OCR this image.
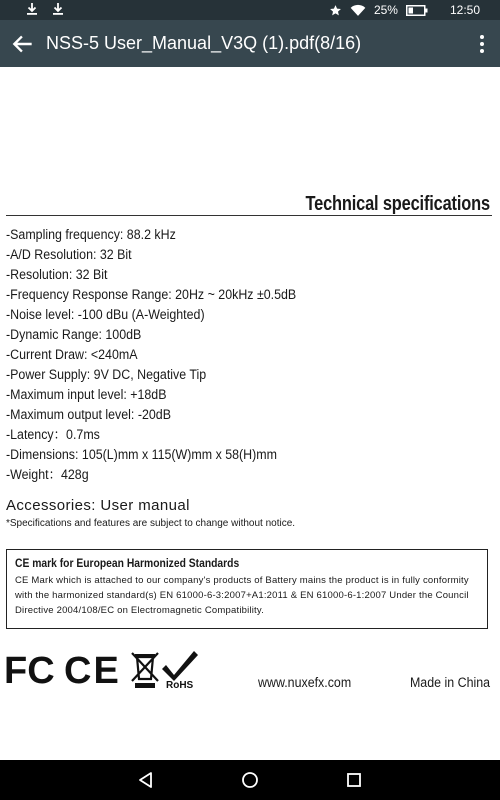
25%	12:50
NSS-5 User_Manual_V3Q (1).pdf(8/16)
Technical specifications
-Sampling frequency: 88.2 kHz
-A/D Resolution: 32 Bit
-Resolution: 32 Bit
-Frequency Response Range: 20Hz ~ 20kHz ±0.5dB
-Noise level: -100 dBu (A-Weighted)
-Dynamic Range: 100dB
-Current Draw: <240mA
-Power Supply: 9V DC, Negative Tip
-Maximum input level: +18dB
-Maximum output level: -20dB
-Latency：0.7ms
-Dimensions: 105(L)mm x 115(W)mm x 58(H)mm
-Weight：428g
Accessories: User manual
*Specifications and features are subject to change without notice.
CE mark for European Harmonized Standards
CE Mark which is attached to our company's products of Battery mains the product is in fully conformity with the harmonized standard(s) EN 61000-6-3:2007+A1:2011 & EN 61000-6-1:2007 Under the Council Directive 2004/108/EC on Electromagnetic Compatibility.
FC CE	RoHS	www.nuxefx.com	Made in China
